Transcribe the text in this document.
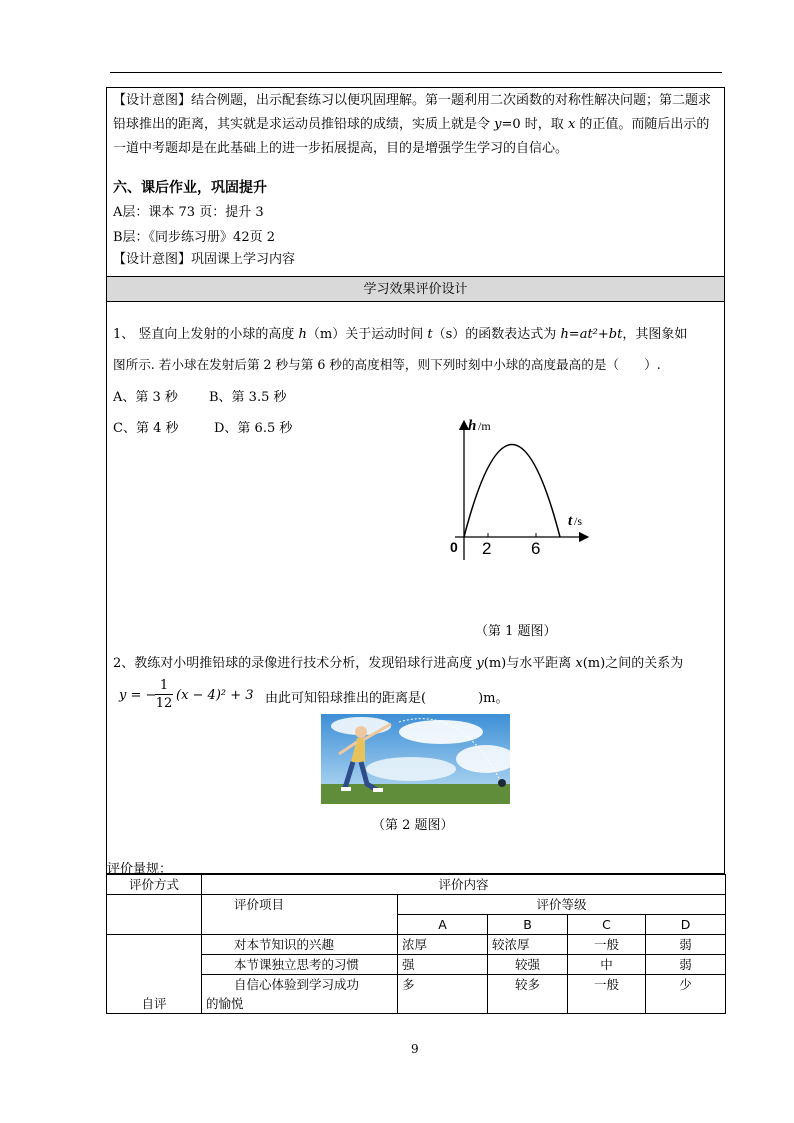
【设计意图】结合例题，出示配套练习以便巩固理解。第一题利用二次函数的对称性解决问题；第二题求铅球推出的距离，其实就是求运动员推铅球的成绩，实质上就是令 y=0 时，取 x 的正值。而随后出示的一道中考题却是在此基础上的进一步拓展提高，目的是增强学生学习的自信心。
六、课后作业，巩固提升
A层：课本 73 页：提升 3
B层：《同步练习册》42页 2
【设计意图】巩固课上学习内容
学习效果评价设计
1、 竖直向上发射的小球的高度 h（m）关于运动时间 t（s）的函数表达式为 h=at²+bt，其图象如
图所示. 若小球在发射后第 2 秒与第 6 秒的高度相等，则下列时刻中小球的高度最高的是（　　）.
A、第 3 秒 B、第 3.5 秒
C、第 4 秒	D、第 6.5 秒	h /m
t /s
0 2 6
（第 1 题图）
2、教练对小明推铅球的录像进行技术分析，发现铅球行进高度 y(m)与水平距离 x(m)之间的关系为
y = −
$\frac{1}{12} (x - 4)^2 + 3$ 由此可知铅球推出的距离是(　　　　)m。
（第 2 题图）
评价量规：
评价方式	评价内容				
	评价项目	评价等级			
		A	B	C	D
自评	对本节知识的兴趣	浓厚	较浓厚	一般	弱
	本节课独立思考的习惯	强	较强	中	弱

	自信心体验到学习成功
的愉悦	多	较多	一般	少
9
